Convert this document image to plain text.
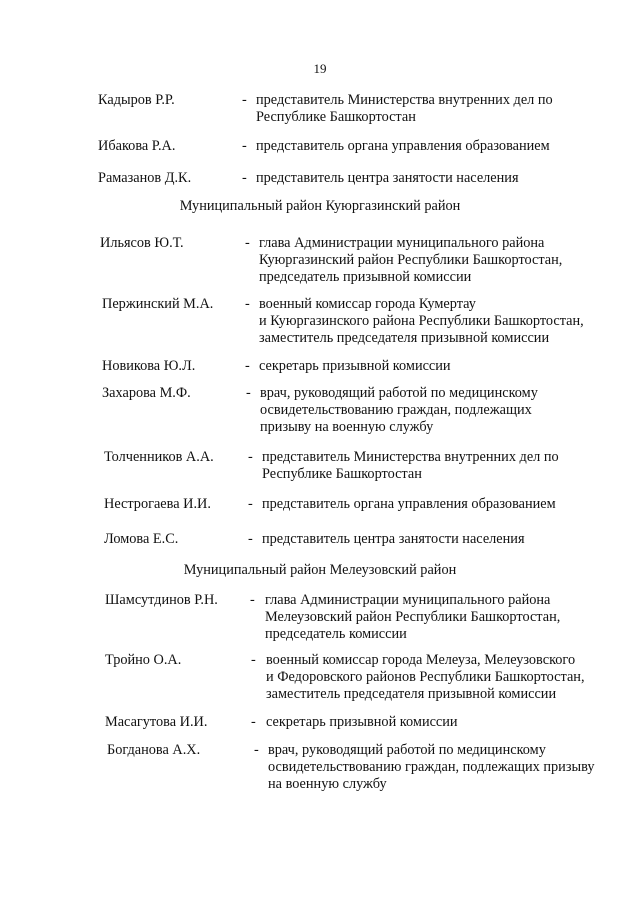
19
Кадыров Р.Р.	- представитель Министерства внутренних дел по
Республике Башкортостан
Ибакова Р.А.	- представитель органа управления образованием
Рамазанов Д.К.	- представитель центра занятости населения
Муниципальный район Куюргазинский район
Ильясов Ю.Т.	- глава Администрации муниципального района
Куюргазинский район Республики Башкортостан,
председатель призывной комиссии
Пержинский М.А. - военный комиссар города Кумертау
и Куюргазинского района Республики Башкортостан,
заместитель председателя призывной комиссии
Новикова Ю.Л.	- секретарь призывной комиссии
Захарова М.Ф.	- врач, руководящий работой по медицинскому
освидетельствованию граждан, подлежащих
призыву на военную службу
Толченников А.А. - представитель Министерства внутренних дел по
Республике Башкортостан
Нестрогаева И.И.	- представитель органа управления образованием
Ломова Е.С.	- представитель центра занятости населения
Муниципальный район Мелеузовский район
Шамсутдинов Р.Н. - глава Администрации муниципального района
Мелеузовский район Республики Башкортостан,
председатель комиссии
Тройно О.А.	- военный комиссар города Мелеуза, Мелеузовского
и Федоровского районов Республики Башкортостан,
заместитель председателя призывной комиссии
Масагутова И.И.	- секретарь призывной комиссии
Богданова А.Х.	- врач, руководящий работой по медицинскому
освидетельствованию граждан, подлежащих призыву
на военную службу
